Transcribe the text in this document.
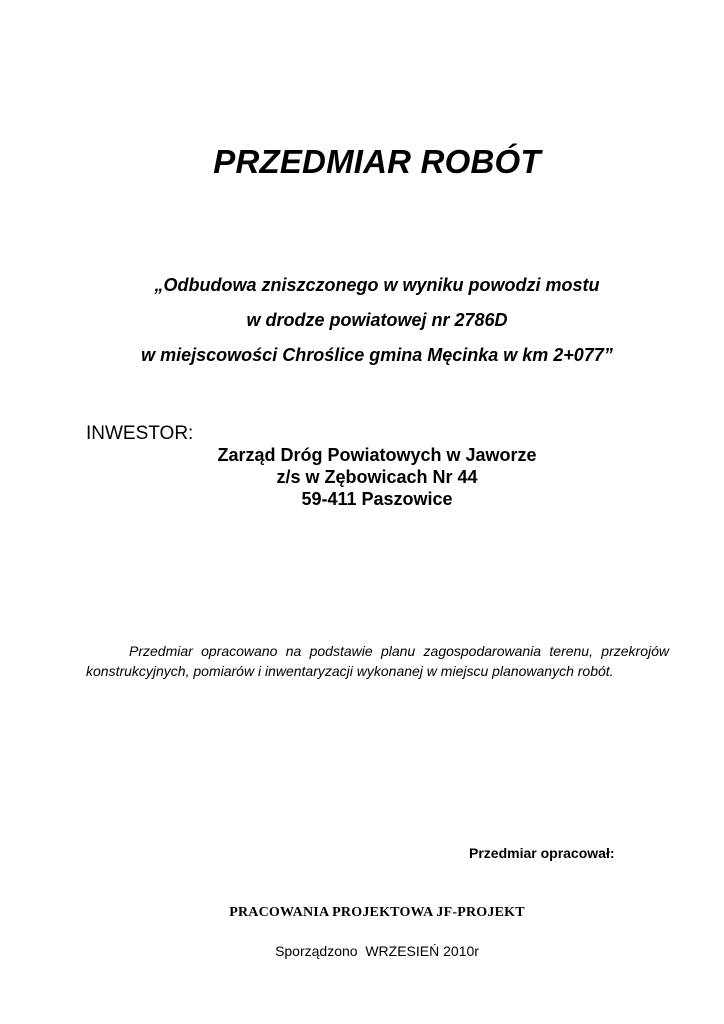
PRZEDMIAR ROBÓT
„Odbudowa zniszczonego w wyniku powodzi mostu
w drodze powiatowej nr 2786D
w miejscowości Chroślice gmina Męcinka w km 2+077”
INWESTOR:
Zarząd Dróg Powiatowych w Jaworze
z/s w Zębowicach Nr 44
59-411 Paszowice
Przedmiar opracowano na podstawie planu zagospodarowania terenu, przekrojów konstrukcyjnych, pomiarów i inwentaryzacji wykonanej w miejscu planowanych robót.
Przedmiar opracował:
PRACOWANIA PROJEKTOWA JF-PROJEKT
Sporządzono  WRZESIEŃ 2010r
